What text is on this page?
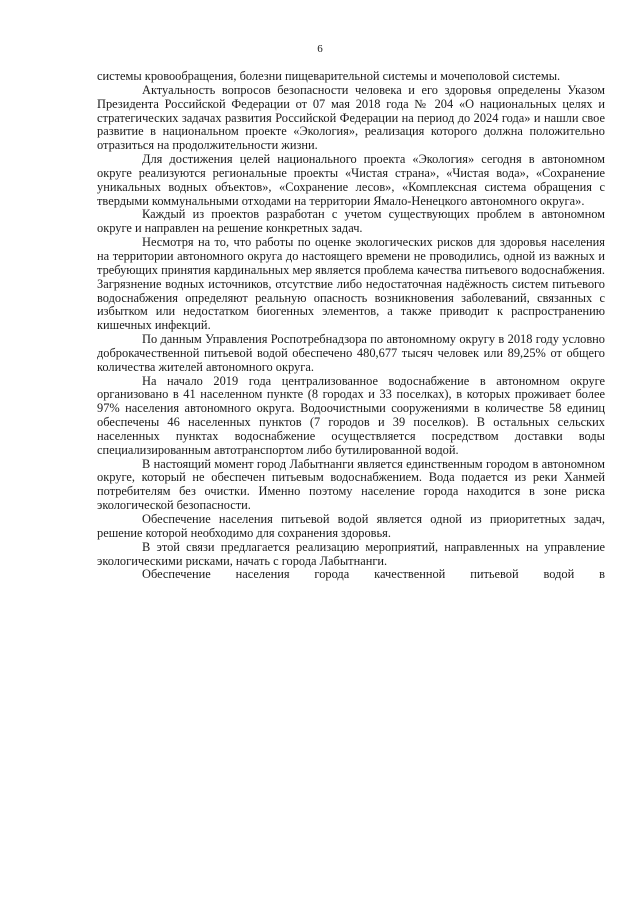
6

системы кровообращения, болезни пищеварительной системы и мочеполовой системы.

Актуальность вопросов безопасности человека и его здоровья определены Указом Президента Российской Федерации от 07 мая 2018 года № 204 «О национальных целях и стратегических задачах развития Российской Федерации на период до 2024 года» и нашли свое развитие в национальном проекте «Экология», реализация которого должна положительно отразиться на продолжительности жизни.

Для достижения целей национального проекта «Экология» сегодня в автономном округе реализуются региональные проекты «Чистая страна», «Чистая вода», «Сохранение уникальных водных объектов», «Сохранение лесов», «Комплексная система обращения с твердыми коммунальными отходами на территории Ямало-Ненецкого автономного округа».

Каждый из проектов разработан с учетом существующих проблем в автономном округе и направлен на решение конкретных задач.

Несмотря на то, что работы по оценке экологических рисков для здоровья населения на территории автономного округа до настоящего времени не проводились, одной из важных и требующих принятия кардинальных мер является проблема качества питьевого водоснабжения. Загрязнение водных источников, отсутствие либо недостаточная надёжность систем питьевого водоснабжения определяют реальную опасность возникновения заболеваний, связанных с избытком или недостатком биогенных элементов, а также приводит к распространению кишечных инфекций.

По данным Управления Роспотребнадзора по автономному округу в 2018 году условно доброкачественной питьевой водой обеспечено 480,677 тысяч человек или 89,25% от общего количества жителей автономного округа.

На начало 2019 года централизованное водоснабжение в автономном округе организовано в 41 населенном пункте (8 городах и 33 поселках), в которых проживает более 97% населения автономного округа. Водоочистными сооружениями в количестве 58 единиц обеспечены 46 населенных пунктов (7 городов и 39 поселков). В остальных сельских населенных пунктах водоснабжение осуществляется посредством доставки воды специализированным автотранспортом либо бутилированной водой.

В настоящий момент город Лабытнанги является единственным городом в автономном округе, который не обеспечен питьевым водоснабжением. Вода подается из реки Ханмей потребителям без очистки. Именно поэтому население города находится в зоне риска экологической безопасности.

Обеспечение населения питьевой водой является одной из приоритетных задач, решение которой необходимо для сохранения здоровья.

В этой связи предлагается реализацию мероприятий, направленных на управление экологическими рисками, начать с города Лабытнанги.

Обеспечение населения города качественной питьевой водой в
